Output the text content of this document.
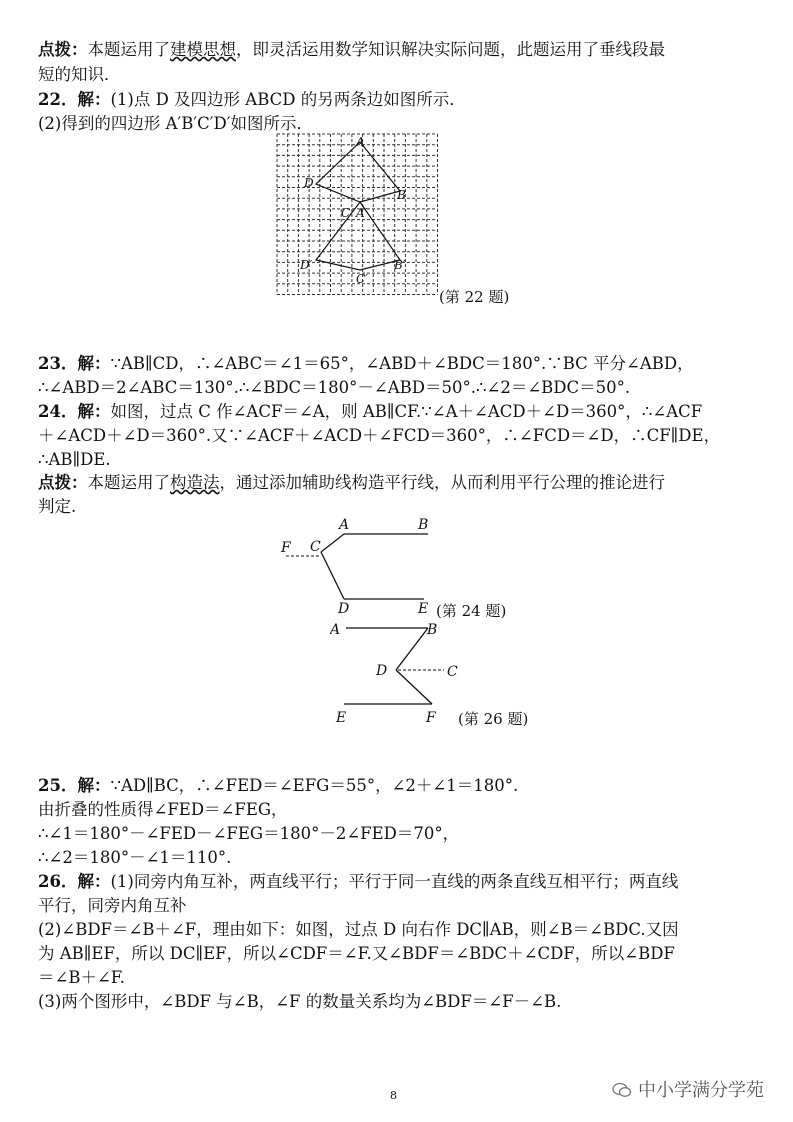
点拨：本题运用了建模思想，即灵活运用数学知识解决实际问题，此题运用了垂线段最
短的知识．
22．解：(1)点 D 及四边形 ABCD 的另两条边如图所示．
(2)得到的四边形 A′B′C′D′如图所示．
23．解：∵AB∥CD，∴∠ABC＝∠1＝65°，∠ABD＋∠BDC＝180°.∵BC 平分∠ABD，
∴∠ABD＝2∠ABC＝130°.∴∠BDC＝180°－∠ABD＝50°.∴∠2＝∠BDC＝50°.
24．解：如图，过点 C 作∠ACF＝∠A，则 AB∥CF.∵∠A＋∠ACD＋∠D＝360°，∴∠ACF
＋∠ACD＋∠D＝360°.又∵∠ACF＋∠ACD＋∠FCD＝360°，∴∠FCD＝∠D，∴CF∥DE，
∴AB∥DE.
点拨：本题运用了构造法，通过添加辅助线构造平行线，从而利用平行公理的推论进行
判定.
25．解：∵AD∥BC，∴∠FED＝∠EFG＝55°，∠2＋∠1＝180°.
由折叠的性质得∠FED＝∠FEG，
∴∠1＝180°－∠FED－∠FEG＝180°－2∠FED＝70°，
∴∠2＝180°－∠1＝110°.
26．解：(1)同旁内角互补，两直线平行；平行于同一直线的两条直线互相平行；两直线
平行，同旁内角互补
(2)∠BDF＝∠B＋∠F，理由如下：如图，过点 D 向右作 DC∥AB，则∠B＝∠BDC.又因
为 AB∥EF，所以 DC∥EF，所以∠CDF＝∠F.又∠BDF＝∠BDC＋∠CDF，所以∠BDF
＝∠B＋∠F.
(3)两个图形中，∠BDF 与∠B，∠F 的数量关系均为∠BDF＝∠F－∠B.
A
B
C A′
D
D′	B′
C′
(第 22 题)
A	B
F C
D	E (第 24 题)
A	B
D	C
E	F (第 26 题)
8	中小学满分学苑
